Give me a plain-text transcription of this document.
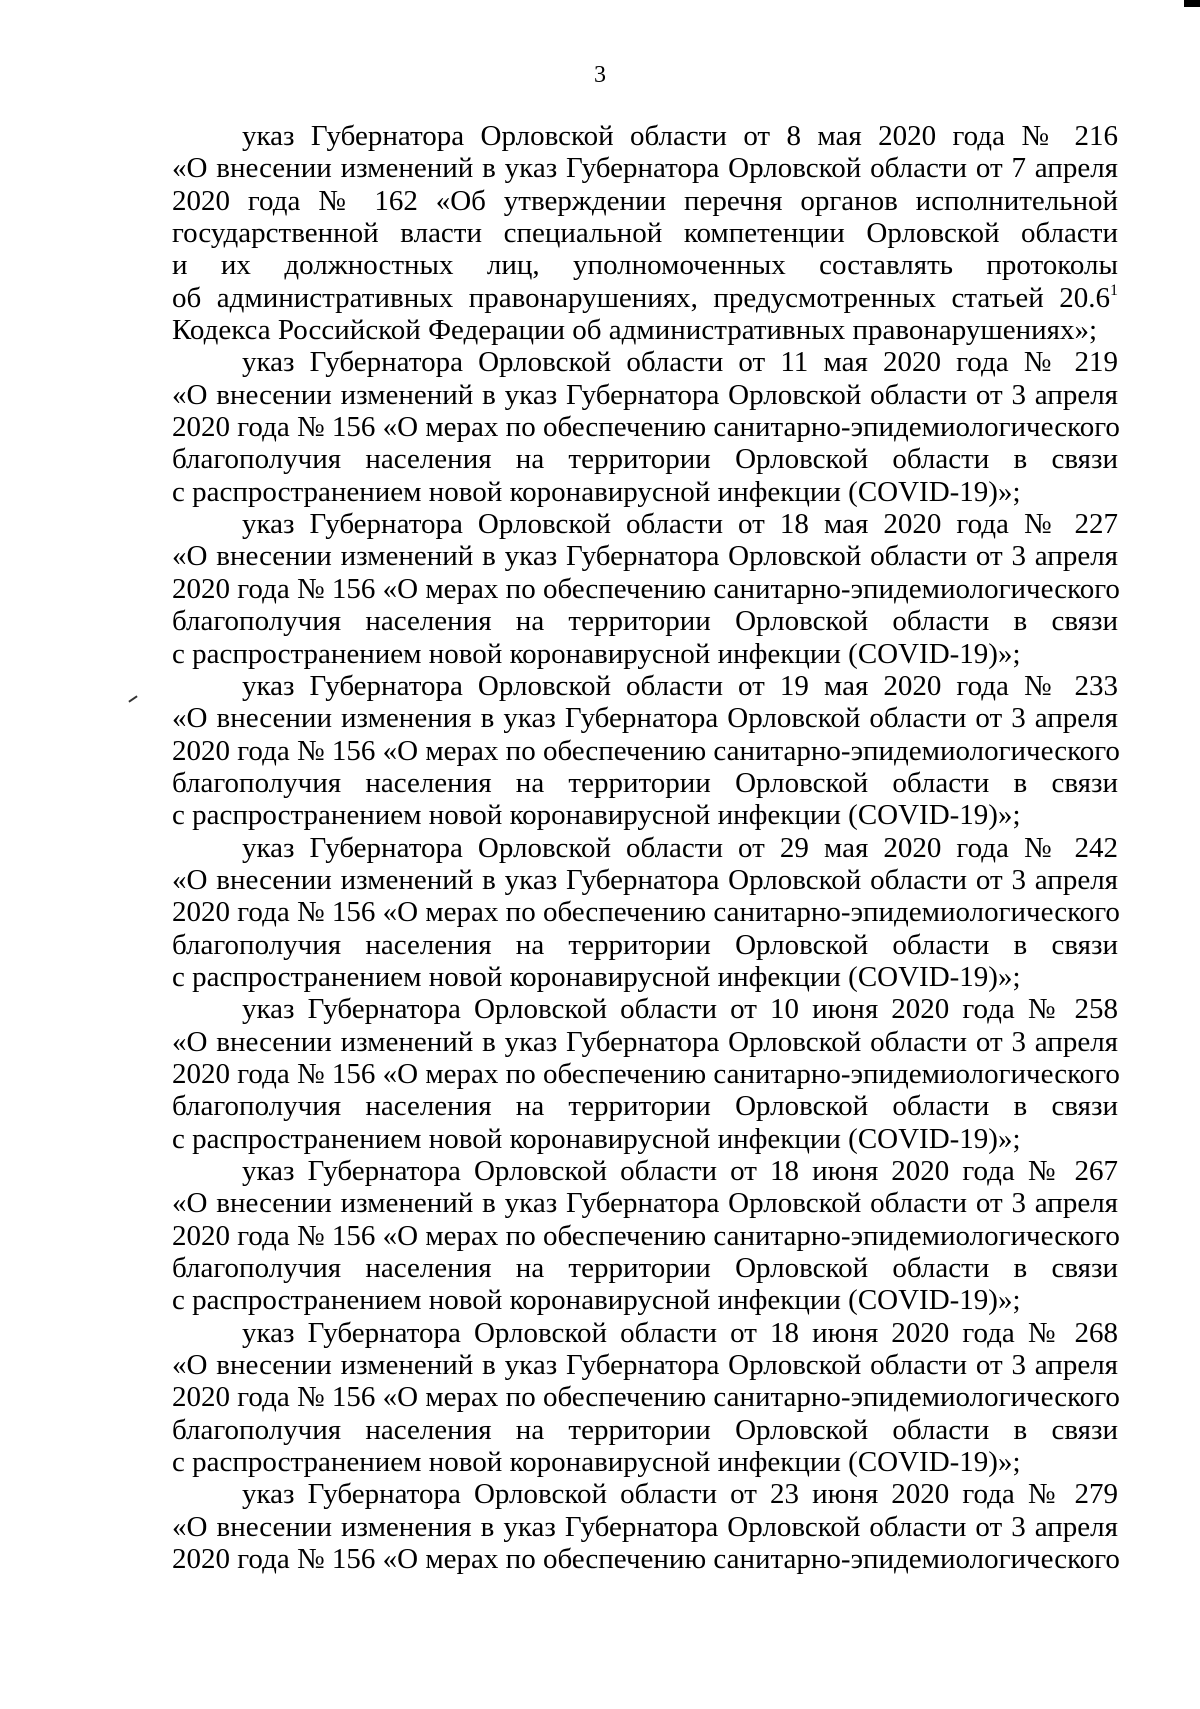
3
указ Губернатора Орловской области от 8 мая 2020 года № 216
«О внесении изменений в указ Губернатора Орловской области от 7 апреля
2020 года № 162 «Об утверждении перечня органов исполнительной
государственной власти специальной компетенции Орловской области
и их должностных лиц, уполномоченных составлять протоколы
об административных правонарушениях, предусмотренных статьей 20.6$^1$
Кодекса Российской Федерации об административных правонарушениях»;
указ Губернатора Орловской области от 11 мая 2020 года № 219
«О внесении изменений в указ Губернатора Орловской области от 3 апреля
2020 года № 156 «О мерах по обеспечению санитарно-эпидемиологического
благополучия населения на территории Орловской области в связи
с распространением новой коронавирусной инфекции (COVID-19)»;
указ Губернатора Орловской области от 18 мая 2020 года № 227
«О внесении изменений в указ Губернатора Орловской области от 3 апреля
2020 года № 156 «О мерах по обеспечению санитарно-эпидемиологического
благополучия населения на территории Орловской области в связи
с распространением новой коронавирусной инфекции (COVID-19)»;
указ Губернатора Орловской области от 19 мая 2020 года № 233
«О внесении изменения в указ Губернатора Орловской области от 3 апреля
2020 года № 156 «О мерах по обеспечению санитарно-эпидемиологического
благополучия населения на территории Орловской области в связи
с распространением новой коронавирусной инфекции (COVID-19)»;
указ Губернатора Орловской области от 29 мая 2020 года № 242
«О внесении изменений в указ Губернатора Орловской области от 3 апреля
2020 года № 156 «О мерах по обеспечению санитарно-эпидемиологического
благополучия населения на территории Орловской области в связи
с распространением новой коронавирусной инфекции (COVID-19)»;
указ Губернатора Орловской области от 10 июня 2020 года № 258
«О внесении изменений в указ Губернатора Орловской области от 3 апреля
2020 года № 156 «О мерах по обеспечению санитарно-эпидемиологического
благополучия населения на территории Орловской области в связи
с распространением новой коронавирусной инфекции (COVID-19)»;
указ Губернатора Орловской области от 18 июня 2020 года № 267
«О внесении изменений в указ Губернатора Орловской области от 3 апреля
2020 года № 156 «О мерах по обеспечению санитарно-эпидемиологического
благополучия населения на территории Орловской области в связи
с распространением новой коронавирусной инфекции (COVID-19)»;
указ Губернатора Орловской области от 18 июня 2020 года № 268
«О внесении изменений в указ Губернатора Орловской области от 3 апреля
2020 года № 156 «О мерах по обеспечению санитарно-эпидемиологического
благополучия населения на территории Орловской области в связи
с распространением новой коронавирусной инфекции (COVID-19)»;
указ Губернатора Орловской области от 23 июня 2020 года № 279
«О внесении изменения в указ Губернатора Орловской области от 3 апреля
2020 года № 156 «О мерах по обеспечению санитарно-эпидемиологического
